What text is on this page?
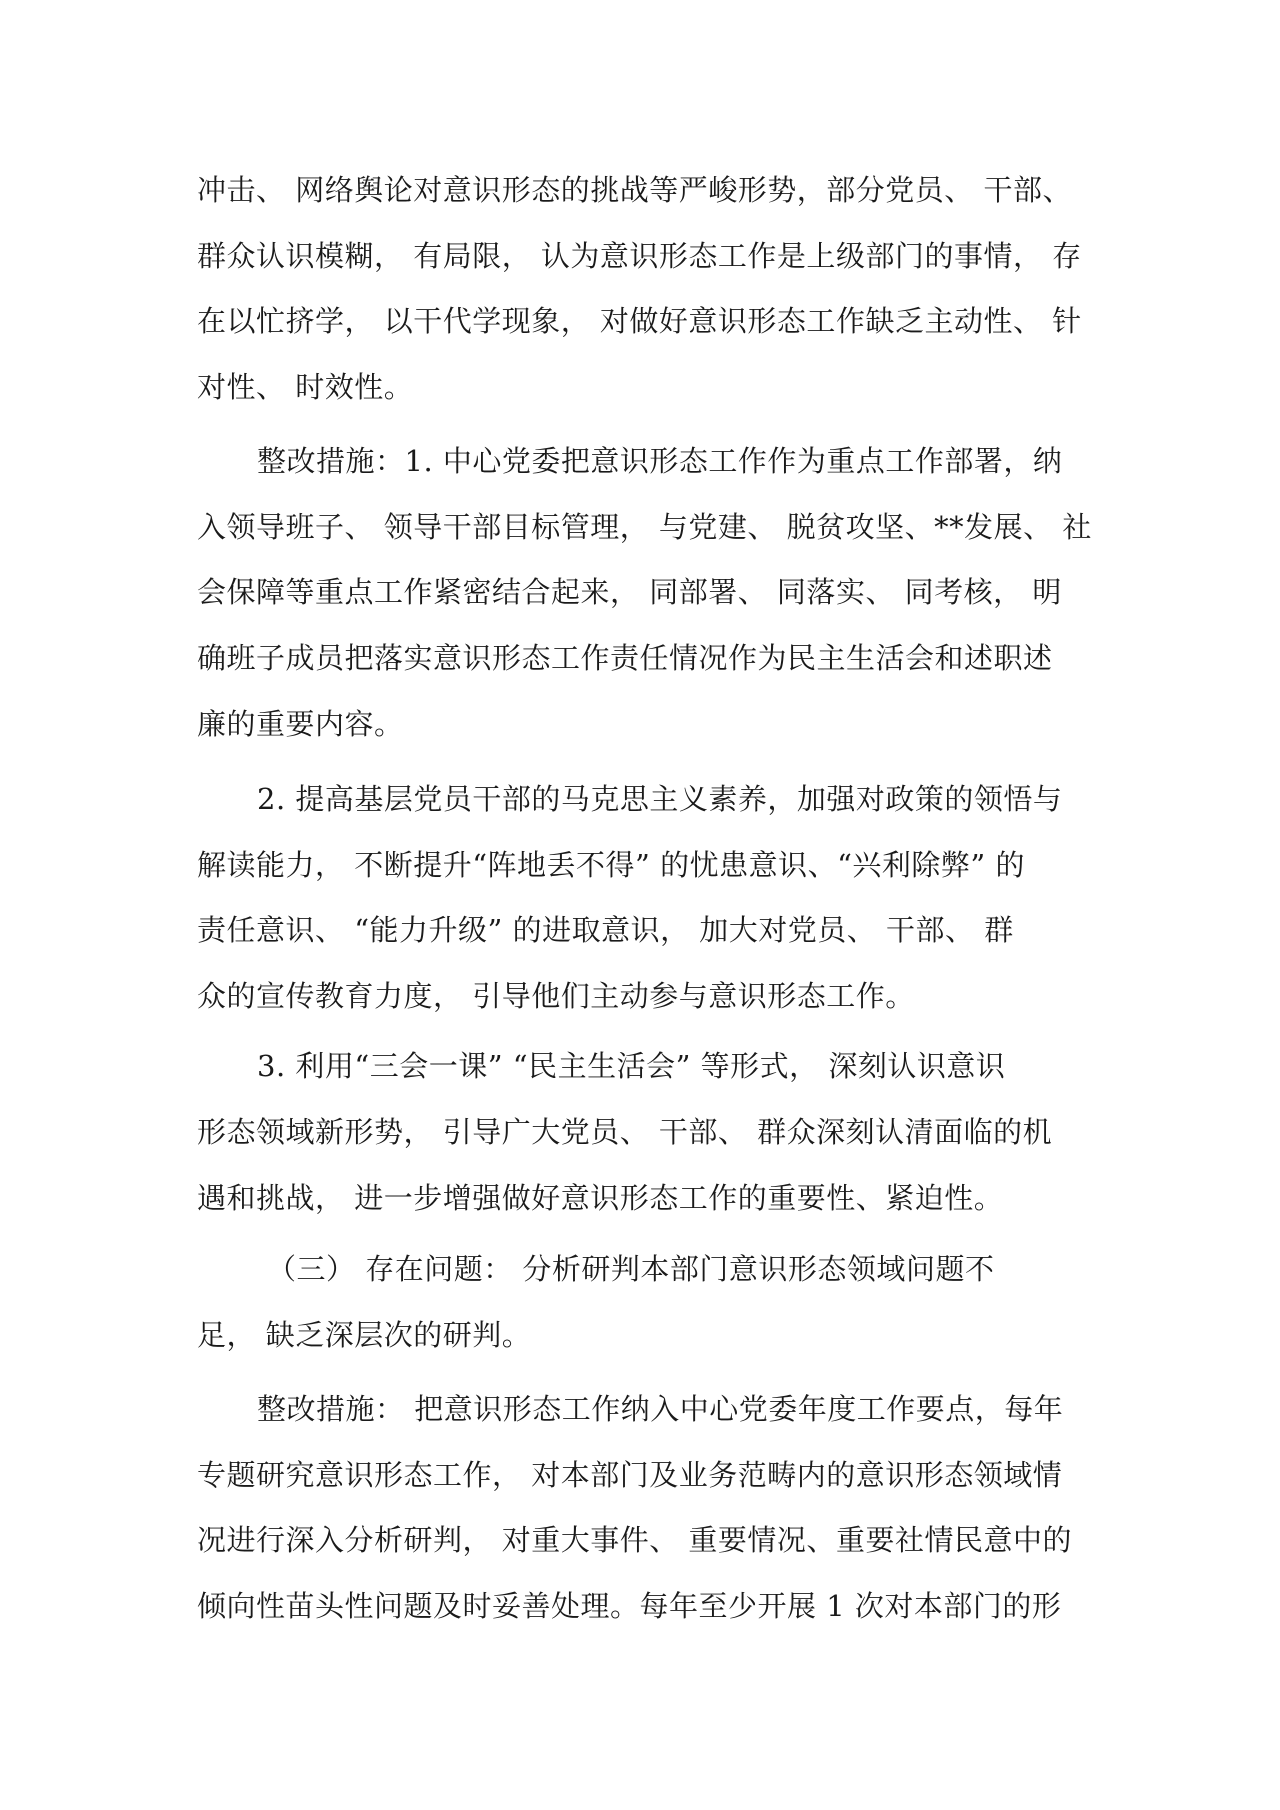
冲击、 网络舆论对意识形态的挑战等严峻形势，部分党员、 干部、
群众认识模糊， 有局限， 认为意识形态工作是上级部门的事情， 存
在以忙挤学， 以干代学现象， 对做好意识形态工作缺乏主动性、 针
对性、 时效性。
整改措施：1. 中心党委把意识形态工作作为重点工作部署，纳
入领导班子、 领导干部目标管理， 与党建、 脱贫攻坚、**发展、 社
会保障等重点工作紧密结合起来， 同部署、 同落实、 同考核， 明
确班子成员把落实意识形态工作责任情况作为民主生活会和述职述
廉的重要内容。
2. 提高基层党员干部的马克思主义素养，加强对政策的领悟与
解读能力， 不断提升“阵地丢不得” 的忧患意识、“兴利除弊” 的
责任意识、 “能力升级” 的进取意识， 加大对党员、 干部、 群
众的宣传教育力度， 引导他们主动参与意识形态工作。
3. 利用“三会一课” “民主生活会” 等形式， 深刻认识意识
形态领域新形势， 引导广大党员、 干部、 群众深刻认清面临的机
遇和挑战， 进一步增强做好意识形态工作的重要性、紧迫性。
（三） 存在问题： 分析研判本部门意识形态领域问题不
足， 缺乏深层次的研判。
整改措施： 把意识形态工作纳入中心党委年度工作要点，每年
专题研究意识形态工作， 对本部门及业务范畴内的意识形态领域情
况进行深入分析研判， 对重大事件、 重要情况、重要社情民意中的
倾向性苗头性问题及时妥善处理。每年至少开展 1 次对本部门的形
